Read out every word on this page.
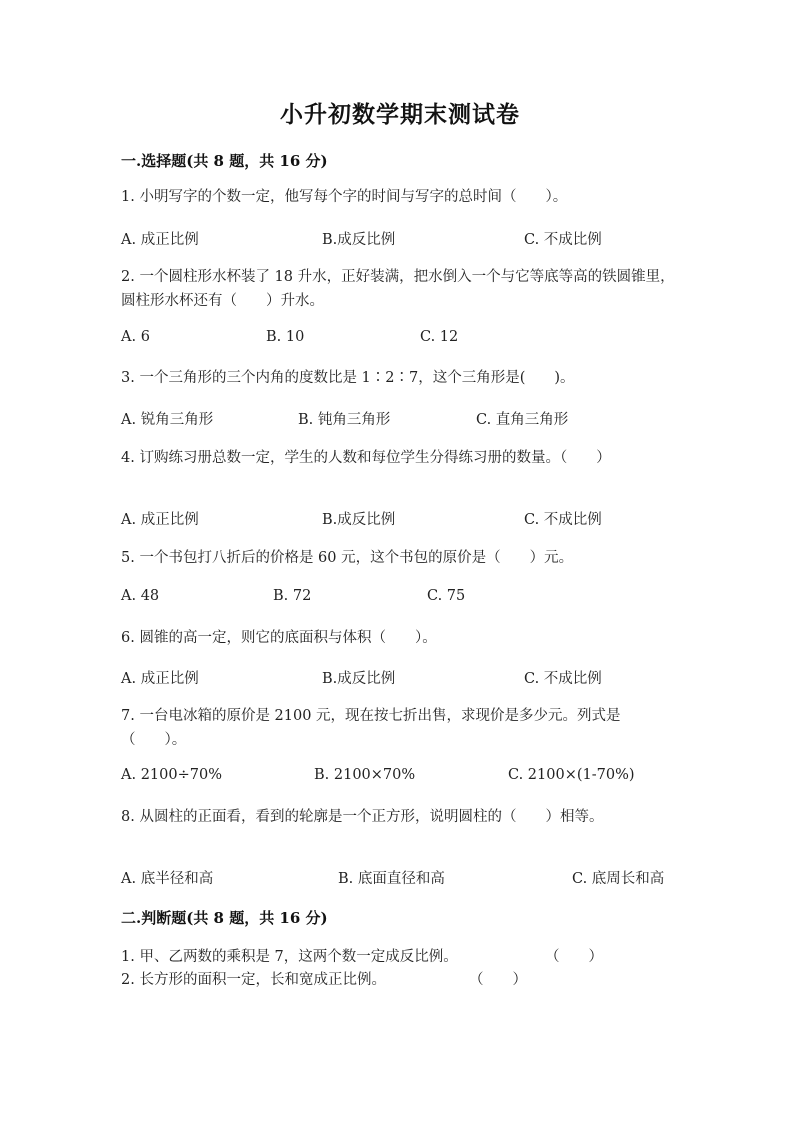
小升初数学期末测试卷
一.选择题(共 8 题，共 16 分)
1. 小明写字的个数一定，他写每个字的时间与写字的总时间（　　）。
A. 成正比例	B.成反比例	C. 不成比例
2. 一个圆柱形水杯装了 18 升水，正好装满，把水倒入一个与它等底等高的铁圆锥里，圆柱形水杯还有（　　）升水。
A. 6	B. 10	C. 12
3. 一个三角形的三个内角的度数比是 1∶2∶7，这个三角形是(　　)。
A. 锐角三角形	B. 钝角三角形	C. 直角三角形
4. 订购练习册总数一定，学生的人数和每位学生分得练习册的数量。（　　）
A. 成正比例	B.成反比例	C. 不成比例
5. 一个书包打八折后的价格是 60 元，这个书包的原价是（　　）元。
A. 48	B. 72	C. 75
6. 圆锥的高一定，则它的底面积与体积（　　）。
A. 成正比例	B.成反比例	C. 不成比例
7. 一台电冰箱的原价是 2100 元，现在按七折出售，求现价是多少元。列式是（　　）。
A. 2100÷70%	B. 2100×70%	C. 2100×(1-70%)
8. 从圆柱的正面看，看到的轮廓是一个正方形，说明圆柱的（　　）相等。
A. 底半径和高	B. 底面直径和高	C. 底周长和高
二.判断题(共 8 题，共 16 分)
1. 甲、乙两数的乘积是 7，这两个数一定成反比例。	（　　）
2. 长方形的面积一定，长和宽成正比例。	（　　）
